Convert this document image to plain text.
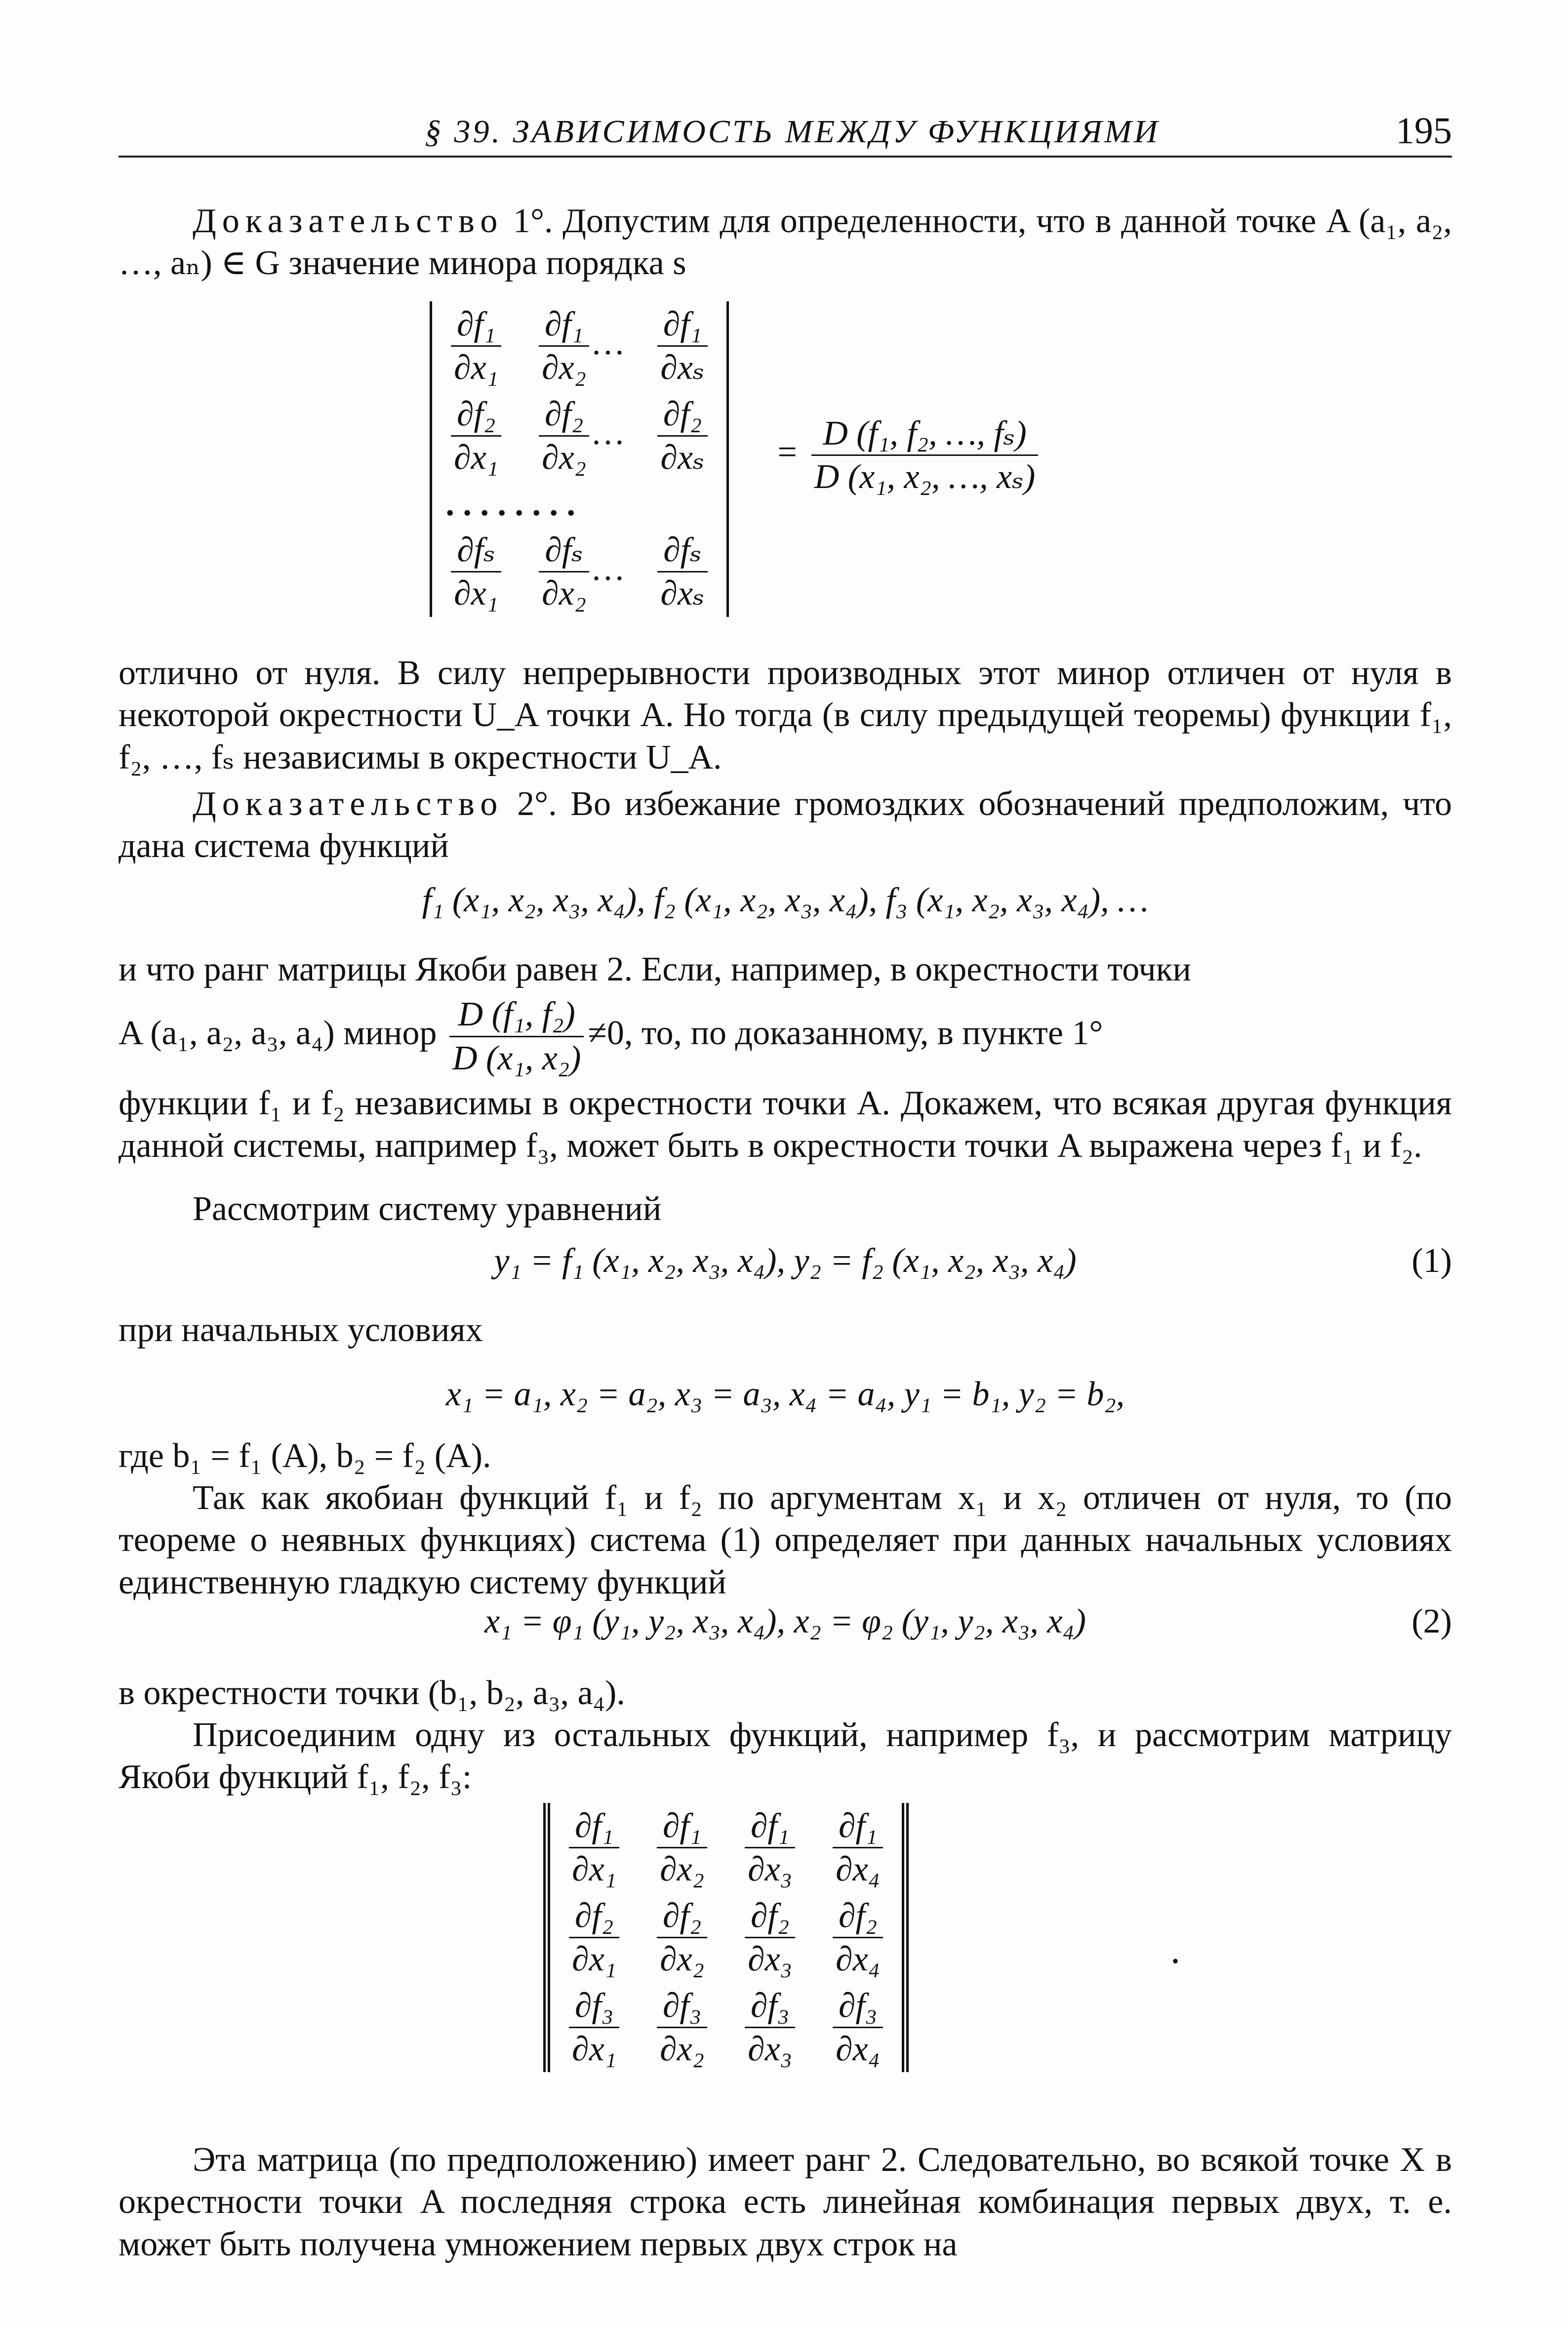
§ 39. ЗАВИСИМОСТЬ МЕЖДУ ФУНКЦИЯМИ	195
Доказательство 1°. Допустим для определенности, что в данной точке A (a₁, a₂, …, aₙ) ∈ G значение минора порядка s
$\frac{\text{∂f₁}}{\text{∂x₁}}$	$\frac{\text{∂f₁}}{\text{∂x₂}}$ …	$\frac{\text{∂f₁}}{\text{∂xₛ}}$

$\frac{\text{∂f₂}}{\text{∂x₁}}$	$\frac{\text{∂f₂}}{\text{∂x₂}}$ …	$\frac{\text{∂f₂}}{\text{∂xₛ}}$

. . . . . . . .		

$\frac{\text{∂fₛ}}{\text{∂x₁}}$	$\frac{\text{∂fₛ}}{\text{∂x₂}}$ …	$\frac{\text{∂fₛ}}{\text{∂xₛ}}$
= $\frac{\text{D (f₁, f₂, …, fₛ)}}{\text{D (x₁, x₂, …, xₛ)}}$
отлично от нуля. В силу непрерывности производных этот минор отличен от нуля в некоторой окрестности U_A точки A. Но тогда (в силу предыдущей теоремы) функции f₁, f₂, …, fₛ независимы в окрестности U_A.
Доказательство 2°. Во избежание громоздких обозначений предположим, что дана система функций
f₁ (x₁, x₂, x₃, x₄), f₂ (x₁, x₂, x₃, x₄), f₃ (x₁, x₂, x₃, x₄), …
и что ранг матрицы Якоби равен 2. Если, например, в окрестности точки
A (a₁, a₂, a₃, a₄) минор $\frac{\text{D (f₁, f₂)}}{\text{D (x₁, x₂)}} \ne 0$, то, по доказанному, в пункте 1°
функции f₁ и f₂ независимы в окрестности точки A. Докажем, что всякая другая функция данной системы, например f₃, может быть в окрестности точки A выражена через f₁ и f₂.
Рассмотрим систему уравнений
y₁ = f₁ (x₁, x₂, x₃, x₄), y₂ = f₂ (x₁, x₂, x₃, x₄)	(1)
при начальных условиях
x₁ = a₁, x₂ = a₂, x₃ = a₃, x₄ = a₄, y₁ = b₁, y₂ = b₂,
где b₁ = f₁ (A), b₂ = f₂ (A).
Так как якобиан функций f₁ и f₂ по аргументам x₁ и x₂ отличен от нуля, то (по теореме о неявных функциях) система (1) определяет при данных начальных условиях единственную гладкую систему функций
x₁ = φ₁ (y₁, y₂, x₃, x₄), x₂ = φ₂ (y₁, y₂, x₃, x₄)	(2)
в окрестности точки (b₁, b₂, a₃, a₄).
Присоединим одну из остальных функций, например f₃, и рассмотрим матрицу Якоби функций f₁, f₂, f₃:
$\frac{\text{∂f₁}}{\text{∂x₁}}$	$\frac{\text{∂f₁}}{\text{∂x₂}}$	$\frac{\text{∂f₁}}{\text{∂x₃}}$	$\frac{\text{∂f₁}}{\text{∂x₄}}$

$\frac{\text{∂f₂}}{\text{∂x₁}}$	$\frac{\text{∂f₂}}{\text{∂x₂}}$	$\frac{\text{∂f₂}}{\text{∂x₃}}$	$\frac{\text{∂f₂}}{\text{∂x₄}}$

$\frac{\text{∂f₃}}{\text{∂x₁}}$	$\frac{\text{∂f₃}}{\text{∂x₂}}$	$\frac{\text{∂f₃}}{\text{∂x₃}}$	$\frac{\text{∂f₃}}{\text{∂x₄}}$
.
Эта матрица (по предположению) имеет ранг 2. Следовательно, во всякой точке X в окрестности точки A последняя строка есть линейная комбинация первых двух, т. е. может быть получена умножением первых двух строк на
